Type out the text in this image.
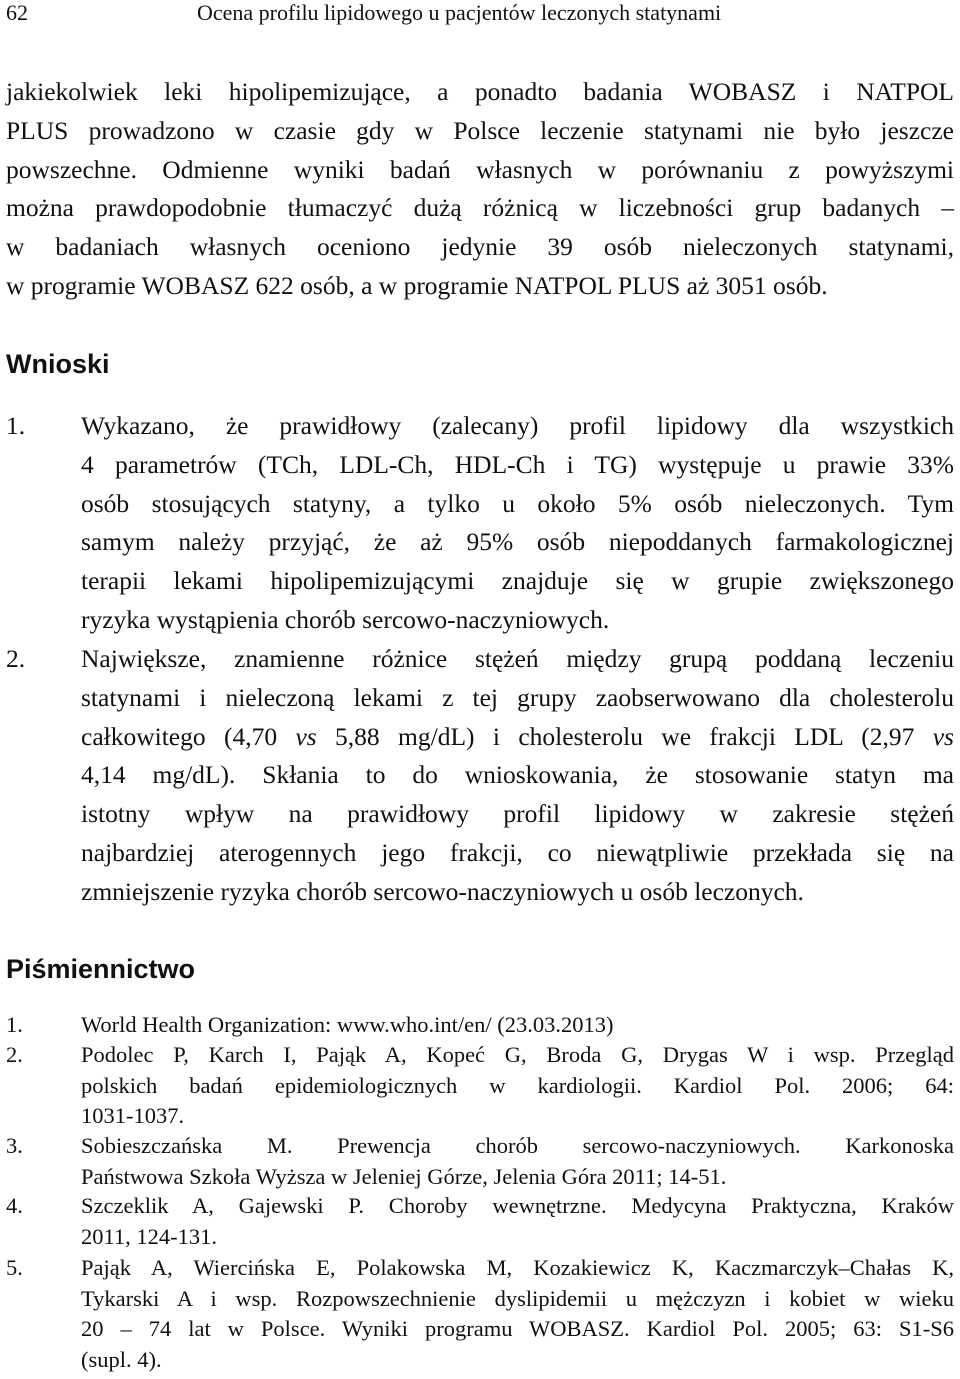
62	Ocena profilu lipidowego u pacjentów leczonych statynami
jakiekolwiek leki hipolipemizujące, a ponadto badania WOBASZ i NATPOL
PLUS prowadzono w czasie gdy w Polsce leczenie statynami nie było jeszcze
powszechne. Odmienne wyniki badań własnych w porównaniu z powyższymi
można prawdopodobnie tłumaczyć dużą różnicą w liczebności grup badanych –
w badaniach własnych oceniono jedynie 39 osób nieleczonych statynami,
w programie WOBASZ 622 osób, a w programie NATPOL PLUS aż 3051 osób.
Wnioski
1. Wykazano, że prawidłowy (zalecany) profil lipidowy dla wszystkich
4 parametrów (TCh, LDL-Ch, HDL-Ch i TG) występuje u prawie 33%
osób stosujących statyny, a tylko u około 5% osób nieleczonych. Tym
samym należy przyjąć, że aż 95% osób niepoddanych farmakologicznej
terapii lekami hipolipemizującymi znajduje się w grupie zwiększonego
ryzyka wystąpienia chorób sercowo-naczyniowych.
2. Największe, znamienne różnice stężeń między grupą poddaną leczeniu
statynami i nieleczoną lekami z tej grupy zaobserwowano dla cholesterolu
całkowitego (4,70 vs 5,88 mg/dL) i cholesterolu we frakcji LDL (2,97 vs
4,14 mg/dL). Skłania to do wnioskowania, że stosowanie statyn ma
istotny wpływ na prawidłowy profil lipidowy w zakresie stężeń
najbardziej aterogennych jego frakcji, co niewątpliwie przekłada się na
zmniejszenie ryzyka chorób sercowo-naczyniowych u osób leczonych.
Piśmiennictwo
1.	World Health Organization: www.who.int/en/ (23.03.2013)
2.	Podolec P, Karch I, Pająk A, Kopeć G, Broda G, Drygas W i wsp. Przegląd
polskich badań epidemiologicznych w kardiologii. Kardiol Pol. 2006; 64:
1031-1037.
3.	Sobieszczańska M. Prewencja chorób sercowo-naczyniowych. Karkonoska
Państwowa Szkoła Wyższa w Jeleniej Górze, Jelenia Góra 2011; 14-51.
4.	Szczeklik A, Gajewski P. Choroby wewnętrzne. Medycyna Praktyczna, Kraków
2011, 124-131.
5.	Pająk A, Wiercińska E, Polakowska M, Kozakiewicz K, Kaczmarczyk–Chałas K,
Tykarski A i wsp. Rozpowszechnienie dyslipidemii u mężczyzn i kobiet w wieku
20 – 74 lat w Polsce. Wyniki programu WOBASZ. Kardiol Pol. 2005; 63: S1-S6
(supl. 4).
